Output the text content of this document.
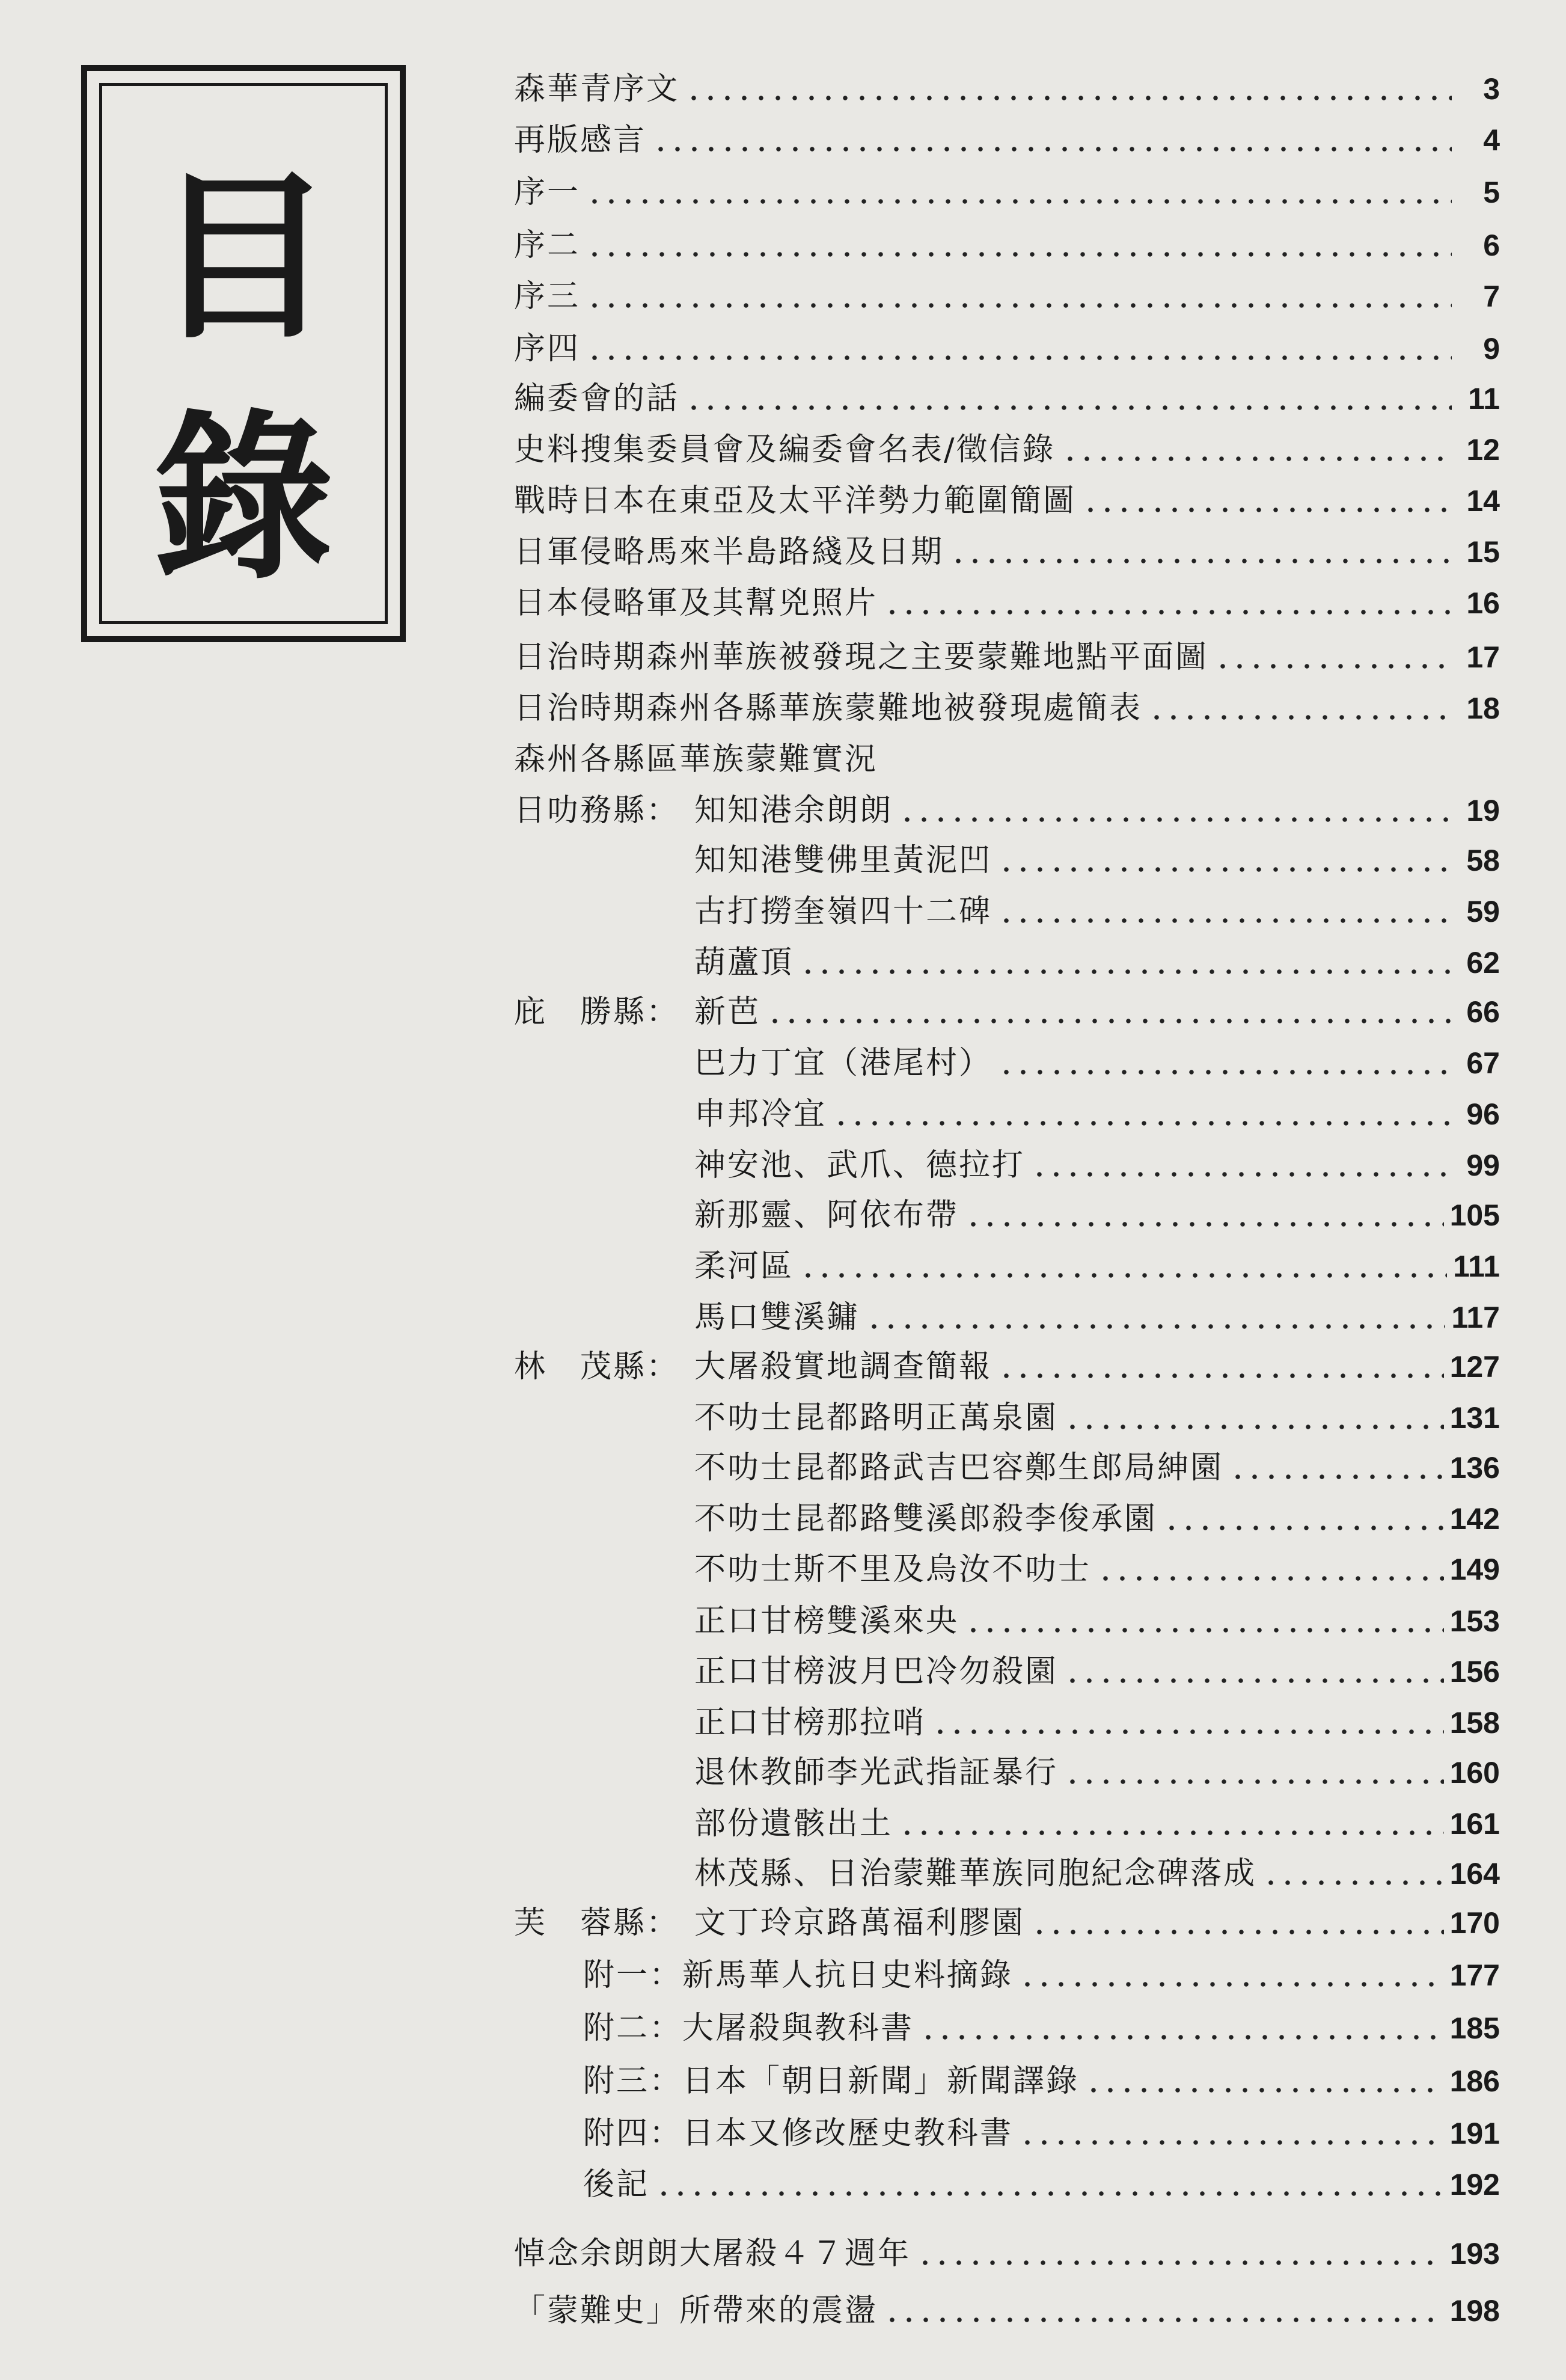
目
錄
森華青序文	3
再版感言	4
序一	5
序二	6
序三	7
序四	9
編委會的話	11
史料搜集委員會及編委會名表/徵信錄	12
戰時日本在東亞及太平洋勢力範圍簡圖	14
日軍侵略馬來半島路綫及日期	15
日本侵略軍及其幫兇照片	16
日治時期森州華族被發現之主要蒙難地點平面圖	17
日治時期森州各縣華族蒙難地被發現處簡表	18
森州各縣區華族蒙難實況
日叻務縣： 知知港余朗朗	19
知知港雙佛里黃泥凹	58
古打撈奎嶺四十二碑	59
葫蘆頂	62
庇　勝縣： 新芭	66
巴力丁宜（港尾村）	67
申邦冷宜	96
神安池、武爪、德拉打	99
新那靈、阿依布帶	105
柔河區	111
馬口雙溪鏞	117
林　茂縣： 大屠殺實地調查簡報	127
不叻士昆都路明正萬泉園	131
不叻士昆都路武吉巴容鄭生郎局紳園	136
不叻士昆都路雙溪郎殺李俊承園	142
不叻士斯不里及烏汝不叻士	149
正口甘榜雙溪來央	153
正口甘榜波月巴冷勿殺園	156
正口甘榜那拉哨	158
退休教師李光武指証暴行	160
部份遺骸出土	161
林茂縣、日治蒙難華族同胞紀念碑落成	164
芙　蓉縣： 文丁玲京路萬福利膠園	170
附一： 新馬華人抗日史料摘錄	177
附二： 大屠殺與教科書	185
附三： 日本「朝日新聞」新聞譯錄	186
附四： 日本又修改歷史教科書	191
後記	192
悼念余朗朗大屠殺４７週年	193
「蒙難史」所帶來的震盪	198
